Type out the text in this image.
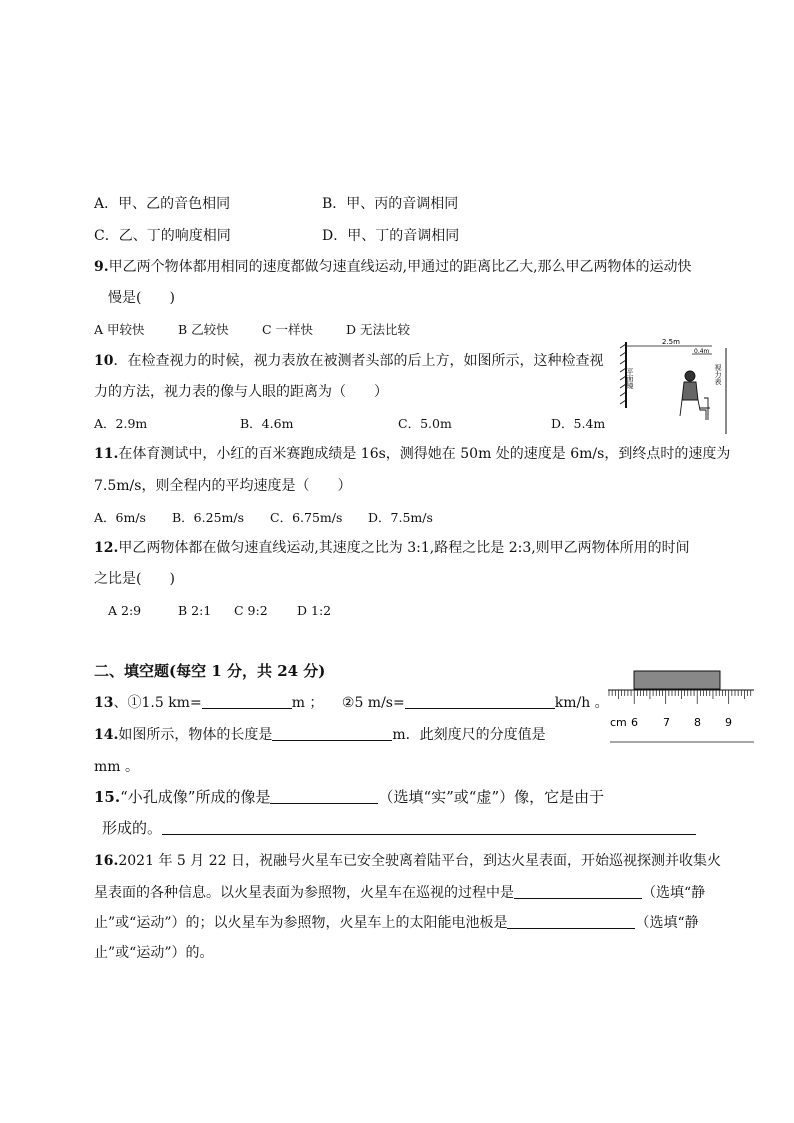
A．甲、乙的音色相同	B．甲、丙的音调相同
C．乙、丁的响度相同	D．甲、丁的音调相同
9.甲乙两个物体都用相同的速度都做匀速直线运动,甲通过的距离比乙大,那么甲乙两物体的运动快
慢是(　　)
A 甲较快	B 乙较快	C 一样快	D 无法比较
10．在检查视力的时候，视力表放在被测者头部的后上方，如图所示，这种检查视
力的方法，视力表的像与人眼的距离为（　　）
A．2.9m	B．4.6m	C．5.0m	D．5.4m
平面镜
2.5m
0.4m
视力表
11.在体育测试中，小红的百米赛跑成绩是 16s，测得她在 50m 处的速度是 6m/s，到终点时的速度为
7.5m/s，则全程内的平均速度是（　　）
A．6m/s B．6.25m/s C．6.75m/s D．7.5m/s
12.甲乙两物体都在做匀速直线运动,其速度之比为 3:1,路程之比是 2:3,则甲乙两物体所用的时间
之比是(　　)
A 2:9	B 2:1 C 9:2 D 1:2
二、填空题(每空 1 分，共 24 分)
cm 6 7 8 9
13、①1.5 km=	m ； ②5 m/s=	km/h 。
14.如图所示，物体的长度是	m．此刻度尺的分度值是
mm 。
15.“小孔成像”所成的像是	（选填“实”或“虚”）像，它是由于
形成的。
16.2021 年 5 月 22 日，祝融号火星车已安全驶离着陆平台，到达火星表面，开始巡视探测并收集火
星表面的各种信息。以火星表面为参照物，火星车在巡视的过程中是	（选填“静
止”或“运动”）的；以火星车为参照物，火星车上的太阳能电池板是	（选填“静
止”或“运动”）的。
